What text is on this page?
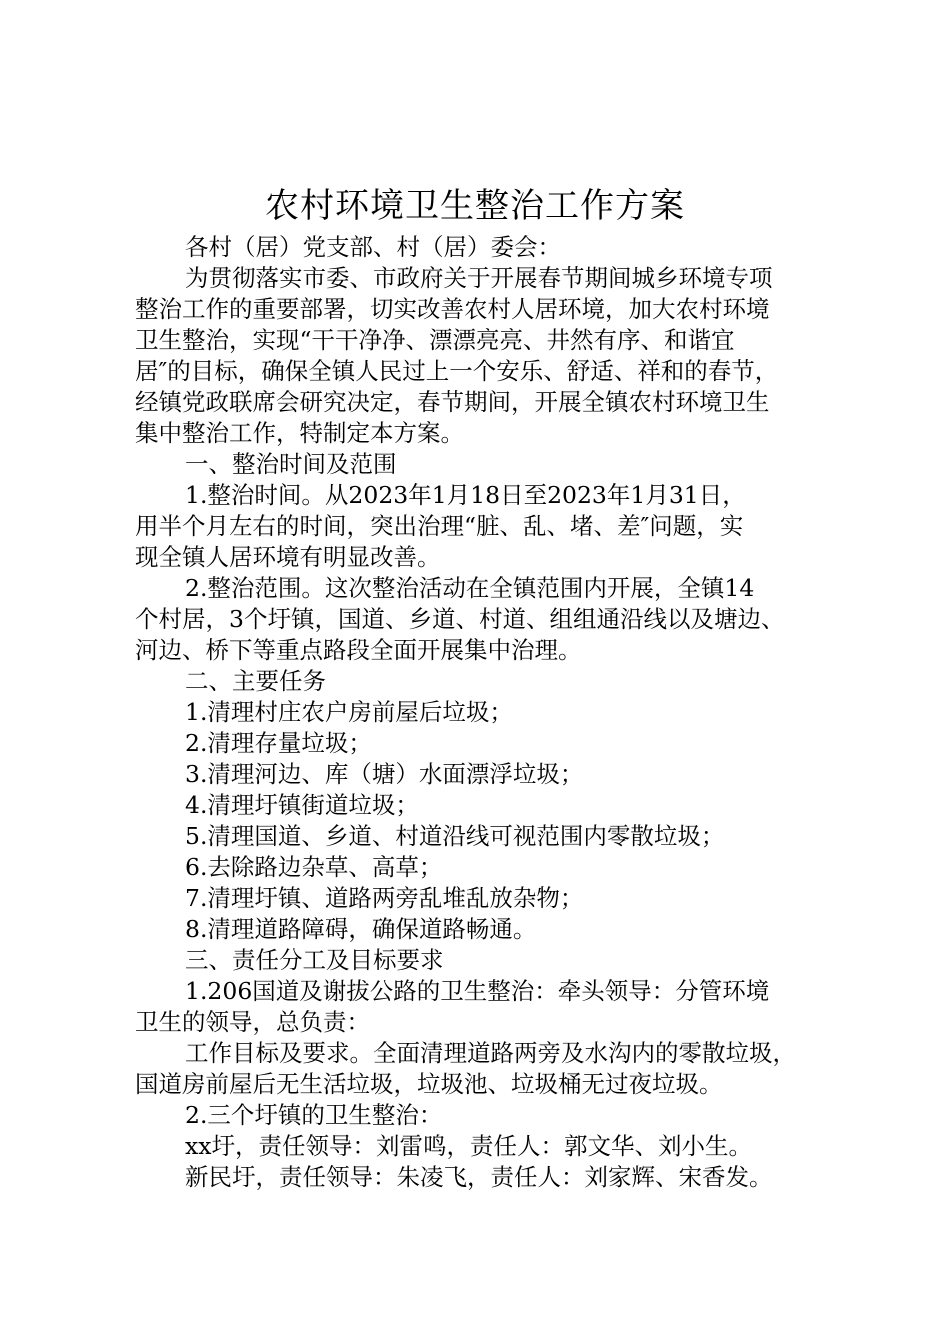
农村环境卫生整治工作方案
各村（居）党支部、村（居）委会：
为贯彻落实市委、市政府关于开展春节期间城乡环境专项
整治工作的重要部署，切实改善农村人居环境，加大农村环境
卫生整治，实现“干干净净、漂漂亮亮、井然有序、和谐宜
居″的目标，确保全镇人民过上一个安乐、舒适、祥和的春节，
经镇党政联席会研究决定，春节期间，开展全镇农村环境卫生
集中整治工作，特制定本方案。
一、整治时间及范围
1.整治时间。从2023年1月18日至2023年1月31日，
用半个月左右的时间，突出治理“脏、乱、堵、差″问题，实
现全镇人居环境有明显改善。
2.整治范围。这次整治活动在全镇范围内开展，全镇14
个村居，3个圩镇，国道、乡道、村道、组组通沿线以及塘边、
河边、桥下等重点路段全面开展集中治理。
二、主要任务
1.清理村庄农户房前屋后垃圾；
2.清理存量垃圾；
3.清理河边、库（塘）水面漂浮垃圾；
4.清理圩镇街道垃圾；
5.清理国道、乡道、村道沿线可视范围内零散垃圾；
6.去除路边杂草、高草；
7.清理圩镇、道路两旁乱堆乱放杂物；
8.清理道路障碍，确保道路畅通。
三、责任分工及目标要求
1.206国道及谢拔公路的卫生整治：牵头领导：分管环境
卫生的领导，总负责：
工作目标及要求。全面清理道路两旁及水沟内的零散垃圾，
国道房前屋后无生活垃圾，垃圾池、垃圾桶无过夜垃圾。
2.三个圩镇的卫生整治：
xx圩，责任领导：刘雷鸣，责任人：郭文华、刘小生。
新民圩，责任领导：朱凌飞，责任人：刘家辉、宋香发。
